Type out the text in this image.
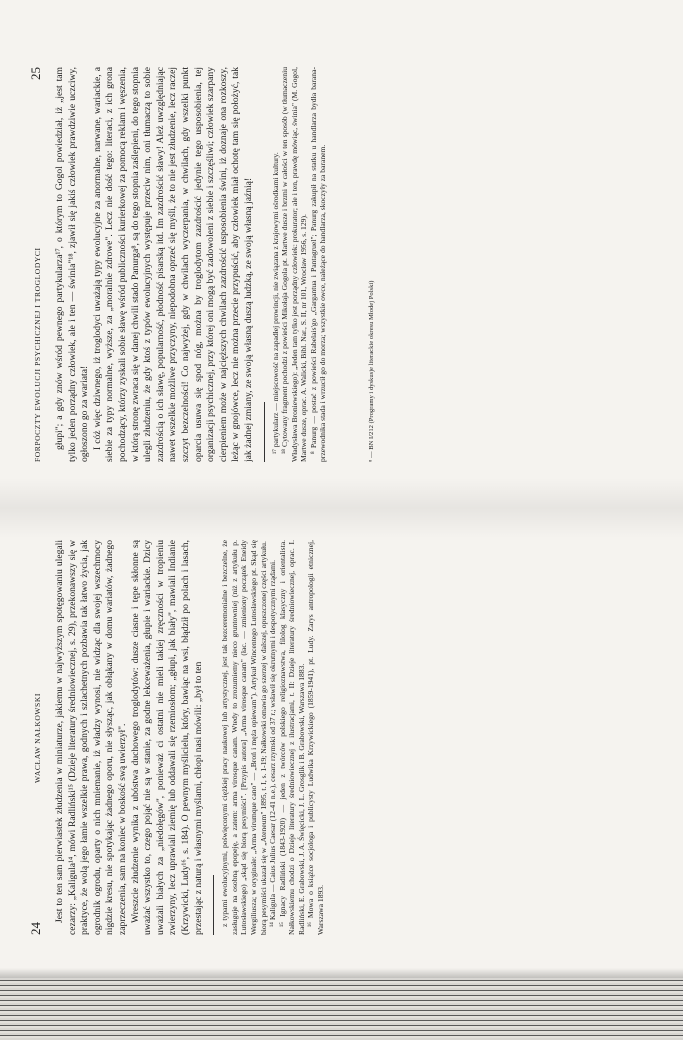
FORPOCZTY EWOLUCJI PSYCHICZNEJ I TROGLODYCI
25 głupi"; a gdy znów wśród pewnego partykularza¹⁷, o którym to Gogol powiedział, iż „jest tam tylko jeden porządny człowiek, ale i ten — świnia"¹⁸, zjawił się jakiś człowiek prawdziwie uczciwy, ogłoszono go za wariata! I cóż więc dziwnego, iż troglodyci uważają typy ewolucyjne za anormalne, narwane, wariackie, a siebie za typy normalne, wyższe, za „moralnie zdrowe". Lecz nie dość tego: literaci, z ich grona pochodzący, którzy zyskali sobie sławę wśród publiczności kurierkowej za pomocą reklam i węszenia, w którą stronę zwraca się w danej chwili stado Panurga⁸, są do tego stopnia zaślepieni, do tego stopnia ulegli złudzeniu, że gdy ktoś z typów ewolucyjnych występuje przeciw nim, oni tłumaczą to sobie zazdrością o ich sławę, popularność, płodność pisarską itd. Im zazdrościć sławy! Ależ uwzględniając nawet wszelkie możliwe przyczyny, niepodobna oprzeć się myśli, że to nie jest złudzenie, lecz raczej szczyt bezczelności! Co najwyżej, gdy w chwilach wyczerpania, w chwilach, gdy wszelki punkt oparcia usuwa się spod nóg, można by troglodytom zazdrościć jedynie tego usposobienia, tej organizacji psychicznej, przy której oni mogą być zadowoleni z siebie i szczęśliwi; człowiek szarpany cierpieniem może w najcięższych chwilach zazdrościć usposobienia świni, iż doznaje ona rozkoszy, leżąc w gnojówce, lecz nie można przecie przypuścić, aby człowiek miał ochotę tam się położyć, tak jak żadnej zmiany, ze swoją własną duszą ludzką, ze swoją własną jaźnią! ¹⁷ partykularz — miejscowość na zapadłej prowincji, nie związana z krajowymi ośrodkami kultury. ¹⁸ Cytowany fragment pochodzi z powieści Mikołaja Gogola pt. Martwe dusze i brzmi w całości w ten sposób (w tłumaczeniu Władysława Broniewskiego): „Jeden tam tylko jest porządny człowiek: prokurator; ale i ten, prawdę mówiąc, świnia" (M. Gogol, Martwe dusze, oprac. A. Walicki, Bibl. Nar., S. II, nr 101, Wrocław 1956, s. 129). ⁸ Panurg — postać z powieści Rabelais'go „Gargantua i Pantagruel"; Panurg zakupił na statku u handlarza bydła barana-przewodnika stada i wrzucił go do morza; wszystkie owce, należące do handlarza, skoczyły za baranem.	⁸ — BN I/212 (Programy i dyskusje literackie okresu Młodej Polski)
24
WACŁAW NAŁKOWSKI Jest to ten sam pierwiastek złudzenia w miniaturze, jakiemu w najwyższym spotęgowaniu ulegali cezarzy: „Kaligula¹⁴, mówi Radliński¹⁵ (Dzieje literatury średniowiecznej, s. 29), przekonawszy się w praktyce, że wolą jego łamie wszelkie prawa, godnych i szlachetnych pozbawia tak łatwo życia, jak ogrodnik ogrodu, oparty o nich mniemanie, iż władzy wynosi, nie widząc dla swojej wszechmocy nigdzie kresu, nie spotykając żadnego oporu, nie słysząc, jak obłąkany w domu wariatów, żadnego zaprzeczenia, sam na koniec w boskość swą uwierzył". Wreszcie złudzenie wynika z ubóstwa duchowego troglodytów: dusze ciasne i tępe skłonne są uważać wszystko to, czego pojąć nie są w stanie, za godne lekceważenia, głupie i wariackie. Dzicy uważali białych za „niedołęgów", ponieważ ci ostatni nie mieli takiej zręczności w tropieniu zwierzyny, lecz uprawiali ziemię lub oddawali się rzemiosłom; „głupi, jak biały", mawiali Indianie (Krzywicki, Ludy¹⁶, s. 184). O pewnym myślicielu, który, bawiąc na wsi, błądził po polach i lasach, przestając z naturą i własnymi myślami, chłopi nasi mówili: „był to ten z typami ewolucyjnymi, poświęconymi ciężkiej pracy naukowej lub artystycznej, jest tak bezceremonialne i bezczelne, że zasługuje na osobną epopeję, a zatem: arma virosque canam. Wtedy to zrozumiemy nieco gruntowniej (niż z artykułu p. Lutosławskiego) „skąd się biorą pesymiści". [Przypis autora] „Arma virosque canam" (łac. — zmieniony początek Eneidy Wergiliusza; w oryginale: „Arma virumque cano" — „Broń i męża opiewam"). Artykuł Wincentego Lutosławskiego pt. Skąd się biorą pesymiści ukazał się w „Ateneum" 1895, t. I, s. 1-19; Nałkowski omawia go szerzej w dalszej, opuszczonej części artykułu. ¹⁴ Kaligula — Caius Julius Caesar (12-41 n.e.), cesarz rzymski od 37 r.; wsławił się okrutnymi i despotycznymi rządami. ¹⁵ Ignacy Radliński (1843-1920) — jeden z twórców polskiego religioznawstwa, filolog klasyczny i orientalista. Nałkowskiemu chodzi o Dzieje literatury średniowiecznej z ilustracjami, t. II: Dzieje literatury średniowiecznej, oprac. I. Radliński, E. Grabowski, J. A. Święcicki, J. L. Grosglik i B. Grabowski, Warszawa 1883. ¹⁶ Mowa o książce socjologa i publicysty Ludwika Krzywickiego (1859-1941), pt. Ludy. Zarys antropologii etnicznej, Warszawa 1893.
